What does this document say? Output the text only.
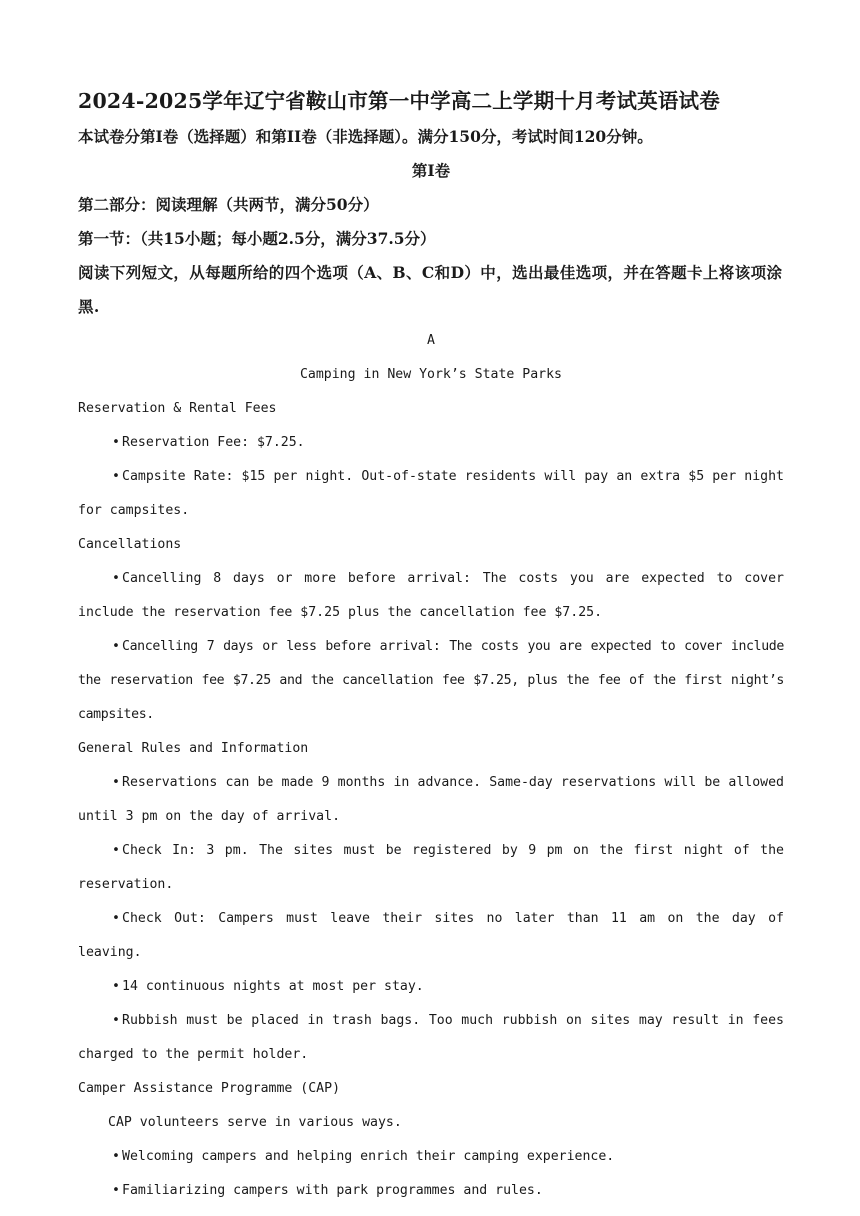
2024-2025学年辽宁省鞍山市第一中学高二上学期十月考试英语试卷

本试卷分第Ⅰ卷（选择题）和第II卷（非选择题）。满分150分，考试时间120分钟。

第Ⅰ卷

第二部分：阅读理解（共两节，满分50分）

第一节：（共15小题；每小题2.5分，满分37.5分）

阅读下列短文，从每题所给的四个选项（A、B、C和D）中，选出最佳选项，并在答题卡上将该项涂黑.

A

Camping in New York’s State Parks

Reservation & Rental Fees

• Reservation Fee: $7.25.

• Campsite Rate: $15 per night. Out-of-state residents will pay an extra $5 per night for campsites.

Cancellations

• Cancelling 8 days or more before arrival: The costs you are expected to cover include the reservation fee $7.25 plus the cancellation fee $7.25.

• Cancelling 7 days or less before arrival: The costs you are expected to cover include the reservation fee $7.25 and the cancellation fee $7.25, plus the fee of the first night’s campsites.

General Rules and Information

• Reservations can be made 9 months in advance. Same-day reservations will be allowed until 3 pm on the day of arrival.

• Check In: 3 pm. The sites must be registered by 9 pm on the first night of the reservation.

• Check Out: Campers must leave their sites no later than 11 am on the day of leaving.

• 14 continuous nights at most per stay.

• Rubbish must be placed in trash bags. Too much rubbish on sites may result in fees charged to the permit holder.

Camper Assistance Programme (CAP)

CAP volunteers serve in various ways.

• Welcoming campers and helping enrich their camping experience.

• Familiarizing campers with park programmes and rules.
